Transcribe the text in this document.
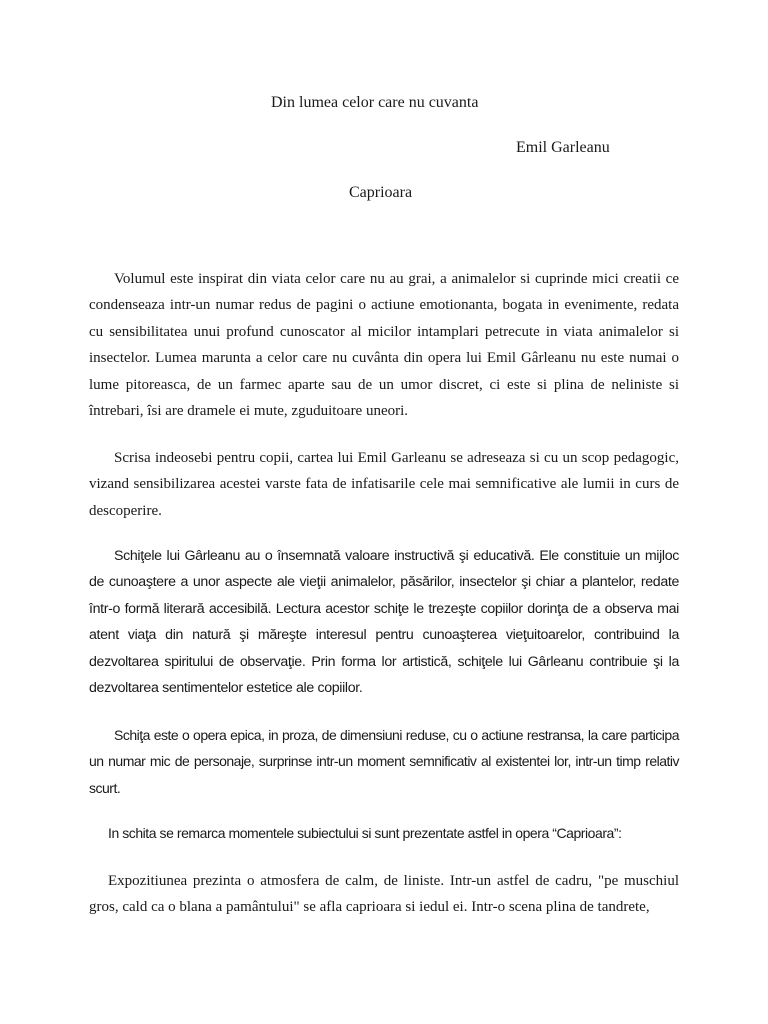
Din lumea celor care nu cuvanta
Emil Garleanu
Caprioara

Volumul este inspirat din viata celor care nu au grai, a animalelor si cuprinde mici creatii ce condenseaza intr-un numar redus de pagini o actiune emotionanta, bogata in evenimente, redata cu sensibilitatea unui profund cunoscator al micilor intamplari petrecute in viata animalelor si insectelor. Lumea marunta a celor care nu cuvânta din opera lui Emil Gârleanu nu este numai o lume pitoreasca, de un farmec aparte sau de un umor discret, ci este si plina de neliniste si întrebari, îsi are dramele ei mute, zguduitoare uneori.

Scrisa indeosebi pentru copii, cartea lui Emil Garleanu se adreseaza si cu un scop pedagogic, vizand sensibilizarea acestei varste fata de infatisarile cele mai semnificative ale lumii in curs de descoperire.

Schiţele lui Gârleanu au o însemnată valoare instructivă şi educativă. Ele constituie un mijloc de cunoaştere a unor aspecte ale vieţii animalelor, păsărilor, insectelor şi chiar a plantelor, redate într-o formă literară accesibilă. Lectura acestor schiţe le trezeşte copiilor dorinţa de a observa mai atent viaţa din natură şi măreşte interesul pentru cunoaşterea vieţuitoarelor, contribuind la dezvoltarea spiritului de observaţie. Prin forma lor artistică, schiţele lui Gârleanu contribuie şi la dezvoltarea sentimentelor estetice ale copiilor.

Schiţa este o opera epica, in proza, de dimensiuni reduse, cu o actiune restransa, la care participa un numar mic de personaje, surprinse intr-un moment semnificativ al existentei lor, intr-un timp relativ scurt.

In schita se remarca momentele subiectului si sunt prezentate astfel in opera “Caprioara”:

Expozitiunea prezinta o atmosfera de calm, de liniste. Intr-un astfel de cadru, "pe muschiul gros, cald ca o blana a pamântului" se afla caprioara si iedul ei. Intr-o scena plina de tandrete,
